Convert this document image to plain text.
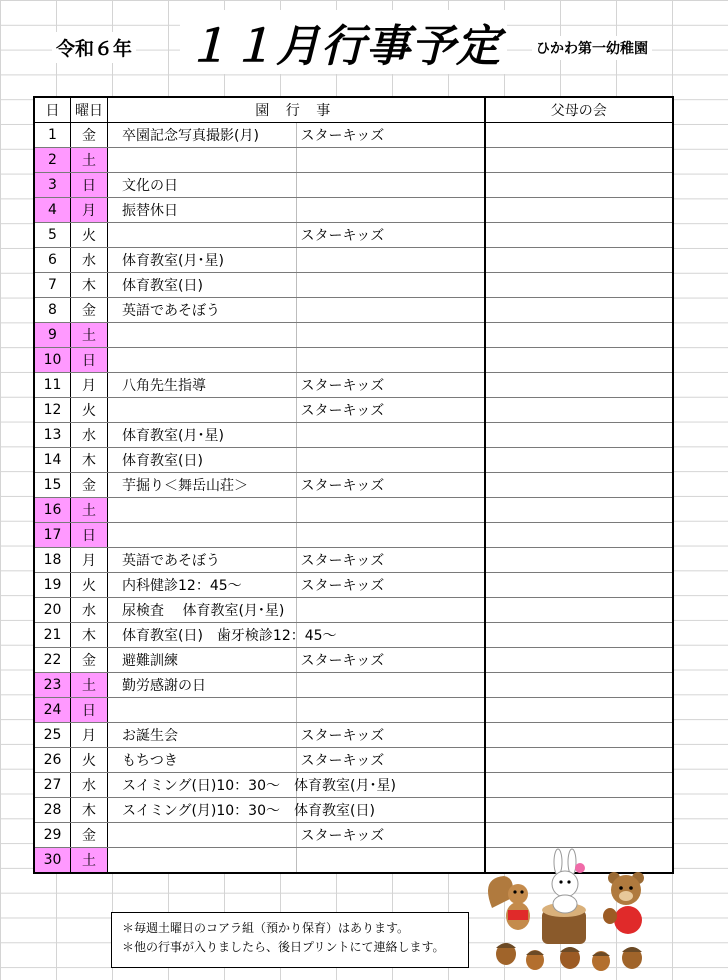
令和６年 １１月行事予定	ひかわ第一幼稚園
日	曜日	園 行 事		父母の会
1	金	卒園記念写真撮影(月)	スターキッズ	
2	土			
3	日	文化の日		
4	月	振替休日		
5	火		スターキッズ	
6	水	体育教室(月･星)		
7	木	体育教室(日)		
8	金	英語であそぼう		
9	土			
10	日			
11	月	八角先生指導	スターキッズ	
12	火		スターキッズ	
13	水	体育教室(月･星)		
14	木	体育教室(日)		
15	金	芋掘り＜舞岳山荘＞	スターキッズ	
16	土			
17	日			
18	月	英語であそぼう	スターキッズ	
19	火	内科健診12：45～	スターキッズ	
20	水	尿検査　 体育教室(月･星)		
21	木	体育教室(日)　歯牙検診12：45～		
22	金	避難訓練	スターキッズ	
23	土	勤労感謝の日		
24	日			
25	月	お誕生会	スターキッズ	
26	火	もちつき	スターキッズ	
27	水	スイミング(日)10：30～　体育教室(月･星)		
28	木	スイミング(月)10：30～　体育教室(日)		
29	金		スターキッズ	
30	土			
＊毎週土曜日のコアラ組（預かり保育）はあります。
＊他の行事が入りましたら、後日プリントにて連絡します。
